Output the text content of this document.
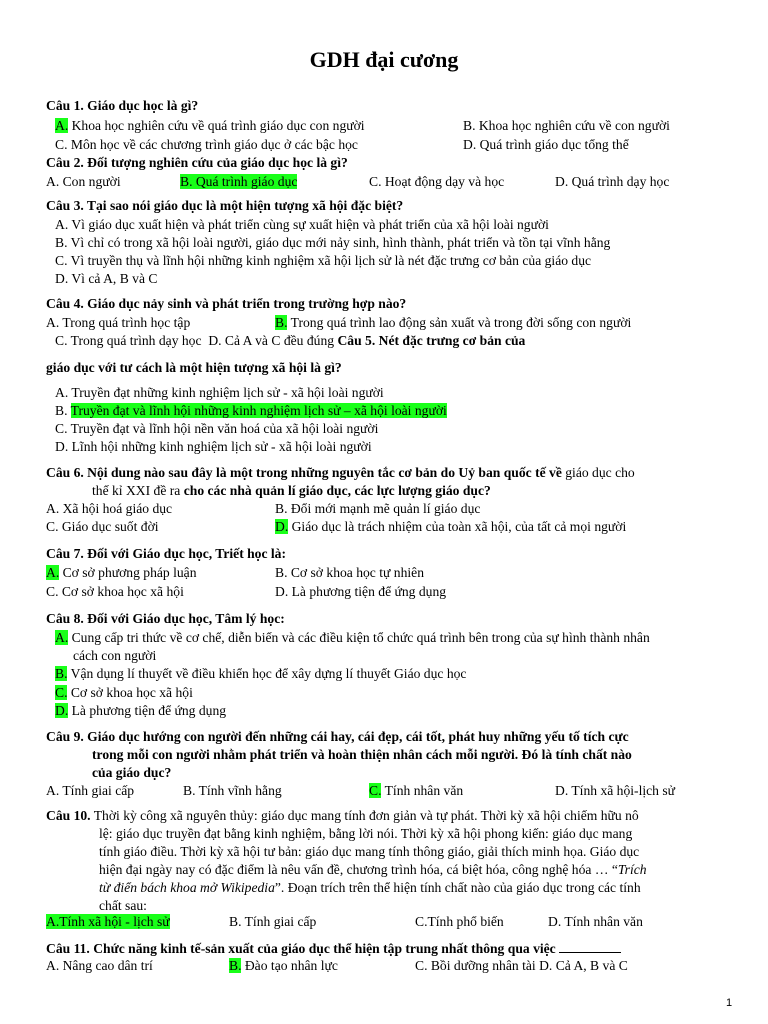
GDH đại cương
Câu 1. Giáo dục học là gì?
A. Khoa học nghiên cứu về quá trình giáo dục con người	B. Khoa học nghiên cứu về con người
C. Môn học về các chương trình giáo dục ở các bậc học	D. Quá trình giáo dục tổng thể
Câu 2. Đối tượng nghiên cứu của giáo dục học là gì?
A. Con người	B. Quá trình giáo dục	C. Hoạt động dạy và học	D. Quá trình dạy học
Câu 3. Tại sao nói giáo dục là một hiện tượng xã hội đặc biệt?
A. Vì giáo dục xuất hiện và phát triển cùng sự xuất hiện và phát triển của xã hội loài người
B. Vì chỉ có trong xã hội loài người, giáo dục mới nảy sinh, hình thành, phát triển và tồn tại vĩnh hằng
C. Vì truyền thụ và lĩnh hội những kinh nghiệm xã hội lịch sử là nét đặc trưng cơ bản của giáo dục
D. Vì cả A, B và C
Câu 4. Giáo dục nảy sinh và phát triển trong trường hợp nào?
A. Trong quá trình học tập	B. Trong quá trình lao động sản xuất và trong đời sống con người
C. Trong quá trình dạy học D. Cả A và C đều đúng Câu 5. Nét đặc trưng cơ bản của
giáo dục với tư cách là một hiện tượng xã hội là gì?
A. Truyền đạt những kinh nghiệm lịch sử - xã hội loài người
B. Truyền đạt và lĩnh hội những kinh nghiệm lịch sử – xã hội loài người
C. Truyền đạt và lĩnh hội nền văn hoá của xã hội loài người
D. Lĩnh hội những kinh nghiệm lịch sử - xã hội loài người
Câu 6. Nội dung nào sau đây là một trong những nguyên tắc cơ bản do Uỷ ban quốc tế về giáo dục cho
thế kỉ XXI đề ra cho các nhà quản lí giáo dục, các lực lượng giáo dục?
A. Xã hội hoá giáo dục	B. Đổi mới mạnh mẽ quản lí giáo dục
C. Giáo dục suốt đời	D. Giáo dục là trách nhiệm của toàn xã hội, của tất cả mọi người
Câu 7. Đối với Giáo dục học, Triết học là:
A. Cơ sở phương pháp luận	B. Cơ sở khoa học tự nhiên
C. Cơ sở khoa học xã hội	D. Là phương tiện để ứng dụng
Câu 8. Đối với Giáo dục học, Tâm lý học:
A. Cung cấp tri thức về cơ chế, diễn biến và các điều kiện tổ chức quá trình bên trong của sự hình thành nhân
cách con người
B. Vận dụng lí thuyết về điều khiển học để xây dựng lí thuyết Giáo dục học
C. Cơ sở khoa học xã hội
D. Là phương tiện để ứng dụng
Câu 9. Giáo dục hướng con người đến những cái hay, cái đẹp, cái tốt, phát huy những yếu tố tích cực
trong mỗi con người nhằm phát triển và hoàn thiện nhân cách mỗi người. Đó là tính chất nào
của giáo dục?
A. Tính giai cấp	B. Tính vĩnh hằng	C. Tính nhân văn	D. Tính xã hội-lịch sử
Câu 10. Thời kỳ công xã nguyên thủy: giáo dục mang tính đơn giản và tự phát. Thời kỳ xã hội chiếm hữu nô
lệ: giáo dục truyền đạt bằng kinh nghiệm, bằng lời nói. Thời kỳ xã hội phong kiến: giáo dục mang
tính giáo điều. Thời kỳ xã hội tư bản: giáo dục mang tính thông giáo, giải thích minh họa. Giáo dục
hiện đại ngày nay có đặc điểm là nêu vấn đề, chương trình hóa, cá biệt hóa, công nghệ hóa … “Trích
từ điển bách khoa mở Wikipedia”. Đoạn trích trên thể hiện tính chất nào của giáo dục trong các tính
chất sau:
A.Tính xã hội - lịch sử	B. Tính giai cấp	C.Tính phổ biến	D. Tính nhân văn
Câu 11. Chức năng kinh tế-sản xuất của giáo dục thể hiện tập trung nhất thông qua việc
A. Nâng cao dân trí	B. Đào tạo nhân lực	C. Bồi dưỡng nhân tài D. Cả A, B và C
1
